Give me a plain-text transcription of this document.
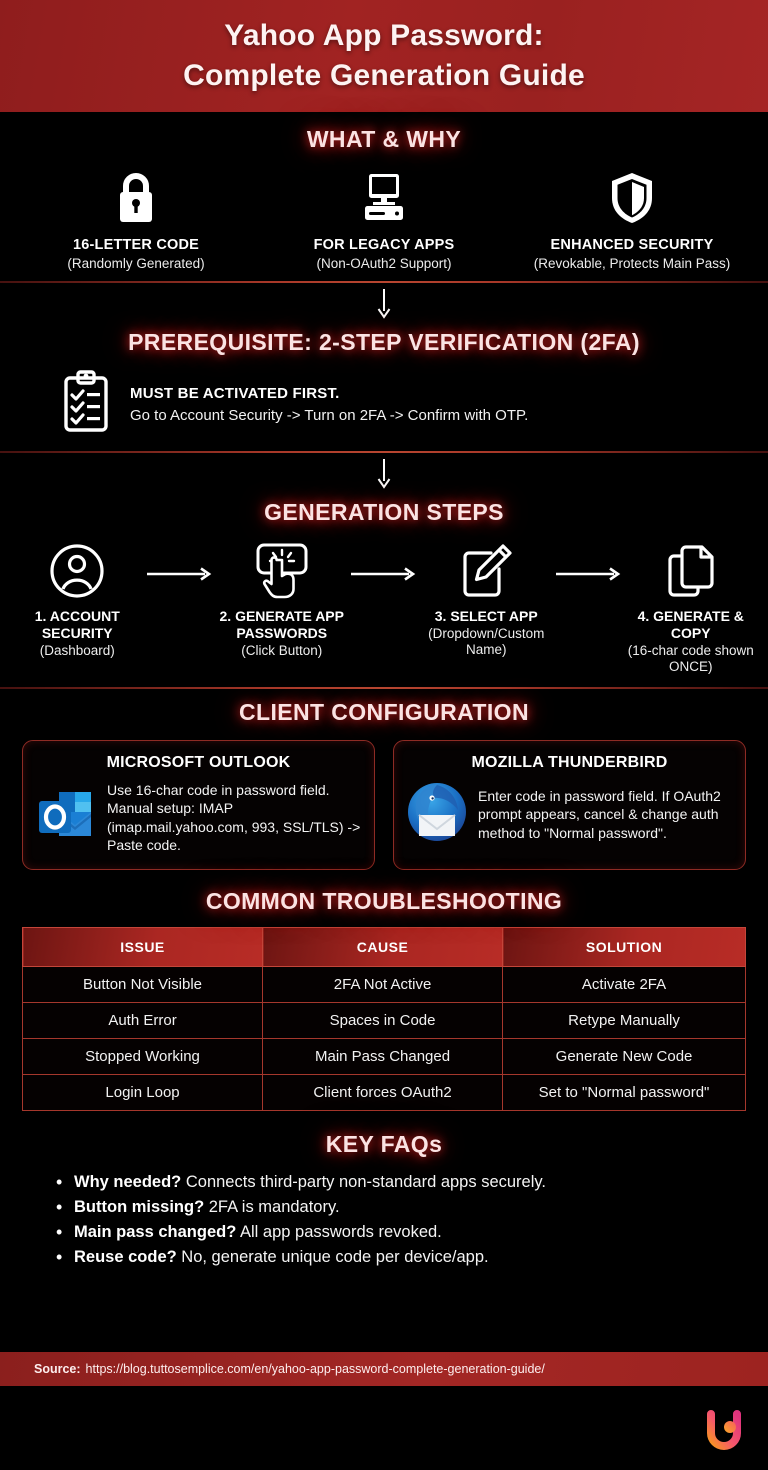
Yahoo App Password:
Complete Generation Guide
WHAT & WHY
16-LETTER CODE
(Randomly Generated)
FOR LEGACY APPS
(Non-OAuth2 Support)
ENHANCED SECURITY
(Revokable, Protects Main Pass)
PREREQUISITE: 2-STEP VERIFICATION (2FA)
MUST BE ACTIVATED FIRST.

Go to Account Security -> Turn on 2FA -> Confirm with OTP.

GENERATION STEPS
1. ACCOUNT SECURITY
(Dashboard)
2. GENERATE APP PASSWORDS
(Click Button)
3. SELECT APP
(Dropdown/Custom Name)
4. GENERATE & COPY
(16-char code shown ONCE)
CLIENT CONFIGURATION
MICROSOFT OUTLOOK

Use 16-char code in password field. Manual setup: IMAP (imap.mail.yahoo.com, 993, SSL/TLS) -> Paste code.

MOZILLA THUNDERBIRD

Enter code in password field. If OAuth2 prompt appears, cancel & change auth method to "Normal password".

COMMON TROUBLESHOOTING
ISSUE	CAUSE	SOLUTION
Button Not Visible	2FA Not Active	Activate 2FA
Auth Error	Spaces in Code	Retype Manually
Stopped Working	Main Pass Changed	Generate New Code
Login Loop	Client forces OAuth2	Set to "Normal password"
KEY FAQs
• Why needed? Connects third-party non-standard apps securely.
• Button missing? 2FA is mandatory.
• Main pass changed? All app passwords revoked.
• Reuse code? No, generate unique code per device/app.
Source: https://blog.tuttosemplice.com/en/yahoo-app-password-complete-generation-guide/
